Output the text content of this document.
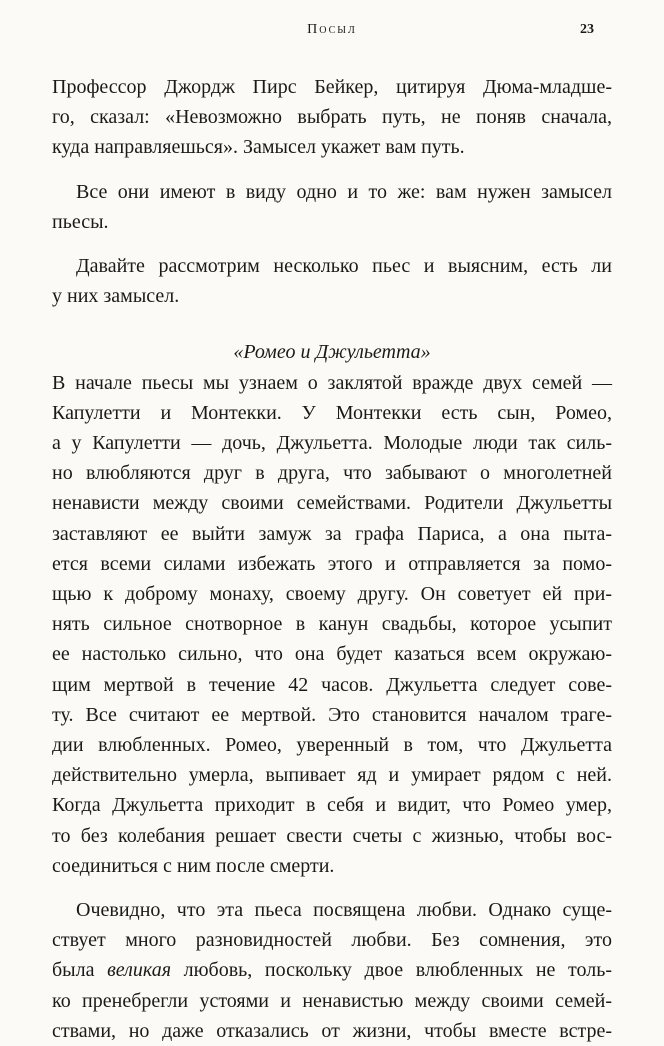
Посыл	23
Профессор Джордж Пирс Бейкер, цитируя Дюма-младше-
го, сказал: «Невозможно выбрать путь, не поняв сначала,
куда направляешься». Замысел укажет вам путь.
Все они имеют в виду одно и то же: вам нужен замысел
пьесы.
Давайте рассмотрим несколько пьес и выясним, есть ли
у них замысел.
«Ромео и Джульетта»
В начале пьесы мы узнаем о заклятой вражде двух семей —
Капулетти и Монтекки. У Монтекки есть сын, Ромео,
а у Капулетти — дочь, Джульетта. Молодые люди так силь-
но влюбляются друг в друга, что забывают о многолетней
ненависти между своими семействами. Родители Джульетты
заставляют ее выйти замуж за графа Париса, а она пыта-
ется всеми силами избежать этого и отправляется за помо-
щью к доброму монаху, своему другу. Он советует ей при-
нять сильное снотворное в канун свадьбы, которое усыпит
ее настолько сильно, что она будет казаться всем окружаю-
щим мертвой в течение 42 часов. Джульетта следует сове-
ту. Все считают ее мертвой. Это становится началом траге-
дии влюбленных. Ромео, уверенный в том, что Джульетта
действительно умерла, выпивает яд и умирает рядом с ней.
Когда Джульетта приходит в себя и видит, что Ромео умер,
то без колебания решает свести счеты с жизнью, чтобы вос-
соединиться с ним после смерти.
Очевидно, что эта пьеса посвящена любви. Однако суще-
ствует много разновидностей любви. Без сомнения, это
была великая любовь, поскольку двое влюбленных не толь-
ко пренебрегли устоями и ненавистью между своими семей-
ствами, но даже отказались от жизни, чтобы вместе встре-
